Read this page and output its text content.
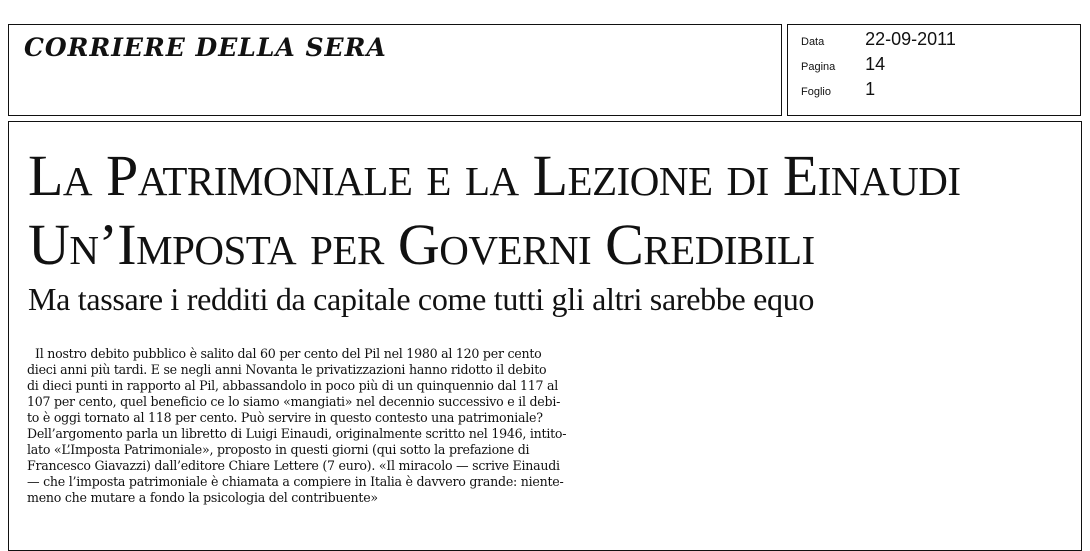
CORRIERE DELLA SERA	Data 22-09-2011
Pagina 14
Foglio 1
La Patrimoniale e la Lezione di Einaudi
Un’Imposta per Governi Credibili
Ma tassare i redditi da capitale come tutti gli altri sarebbe equo
Il nostro debito pubblico è salito dal 60 per cento del Pil nel 1980 al 120 per cento
dieci anni più tardi. E se negli anni Novanta le privatizzazioni hanno ridotto il debito
di dieci punti in rapporto al Pil, abbassandolo in poco più di un quinquennio dal 117 al
107 per cento, quel beneficio ce lo siamo «mangiati» nel decennio successivo e il debi-
to è oggi tornato al 118 per cento. Può servire in questo contesto una patrimoniale?
Dell’argomento parla un libretto di Luigi Einaudi, originalmente scritto nel 1946, intito-
lato «L’Imposta Patrimoniale», proposto in questi giorni (qui sotto la prefazione di
Francesco Giavazzi) dall’editore Chiare Lettere (7 euro). «Il miracolo — scrive Einaudi
— che l’imposta patrimoniale è chiamata a compiere in Italia è davvero grande: niente-
meno che mutare a fondo la psicologia del contribuente»
